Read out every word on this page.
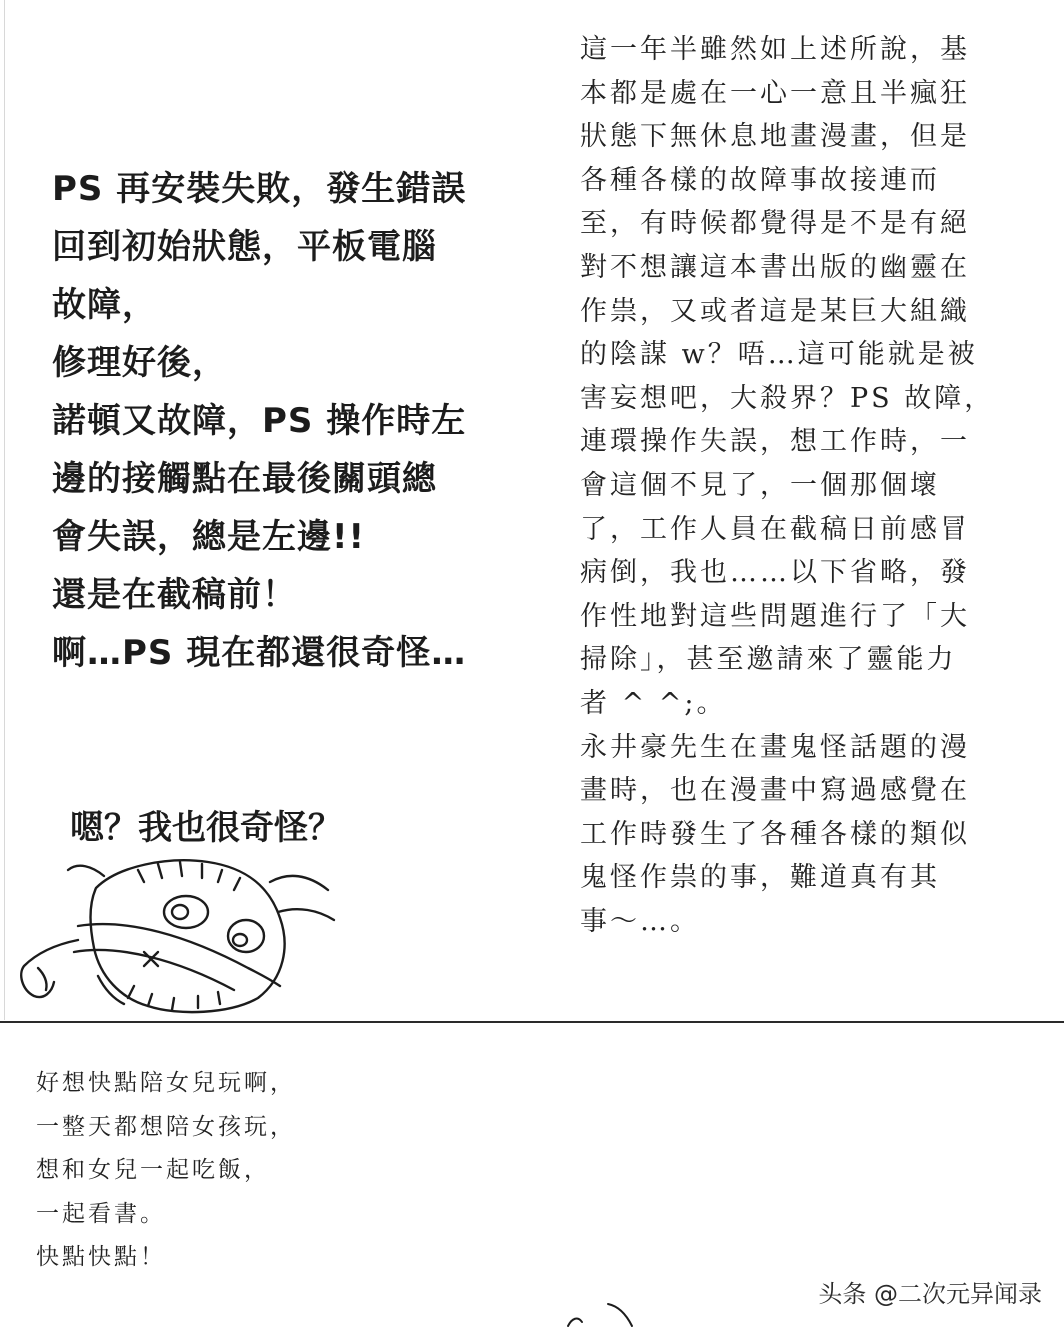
PS 再安裝失敗，發生錯誤
回到初始狀態，平板電腦
故障，
修理好後，
諾頓又故障，PS 操作時左
邊的接觸點在最後關頭總
會失誤，總是左邊!!
還是在截稿前！
啊…PS 現在都還很奇怪…
這一年半雖然如上述所說，基
本都是處在一心一意且半瘋狂
狀態下無休息地畫漫畫，但是
各種各樣的故障事故接連而
至，有時候都覺得是不是有絕
對不想讓這本書出版的幽靈在
作祟，又或者這是某巨大組織
的陰謀 w？唔…這可能就是被
害妄想吧，大殺界？PS 故障，
連環操作失誤，想工作時，一
會這個不見了，一個那個壞
了，工作人員在截稿日前感冒
病倒，我也……以下省略，發
作性地對這些問題進行了「大
掃除」，甚至邀請來了靈能力
者 ^ ^;。
永井豪先生在畫鬼怪話題的漫
畫時，也在漫畫中寫過感覺在
工作時發生了各種各樣的類似
鬼怪作祟的事，難道真有其
事～…。
嗯？我也很奇怪？
好想快點陪女兒玩啊，
一整天都想陪女孩玩，
想和女兒一起吃飯，
一起看書。
快點快點！
头条 @二次元异闻录
